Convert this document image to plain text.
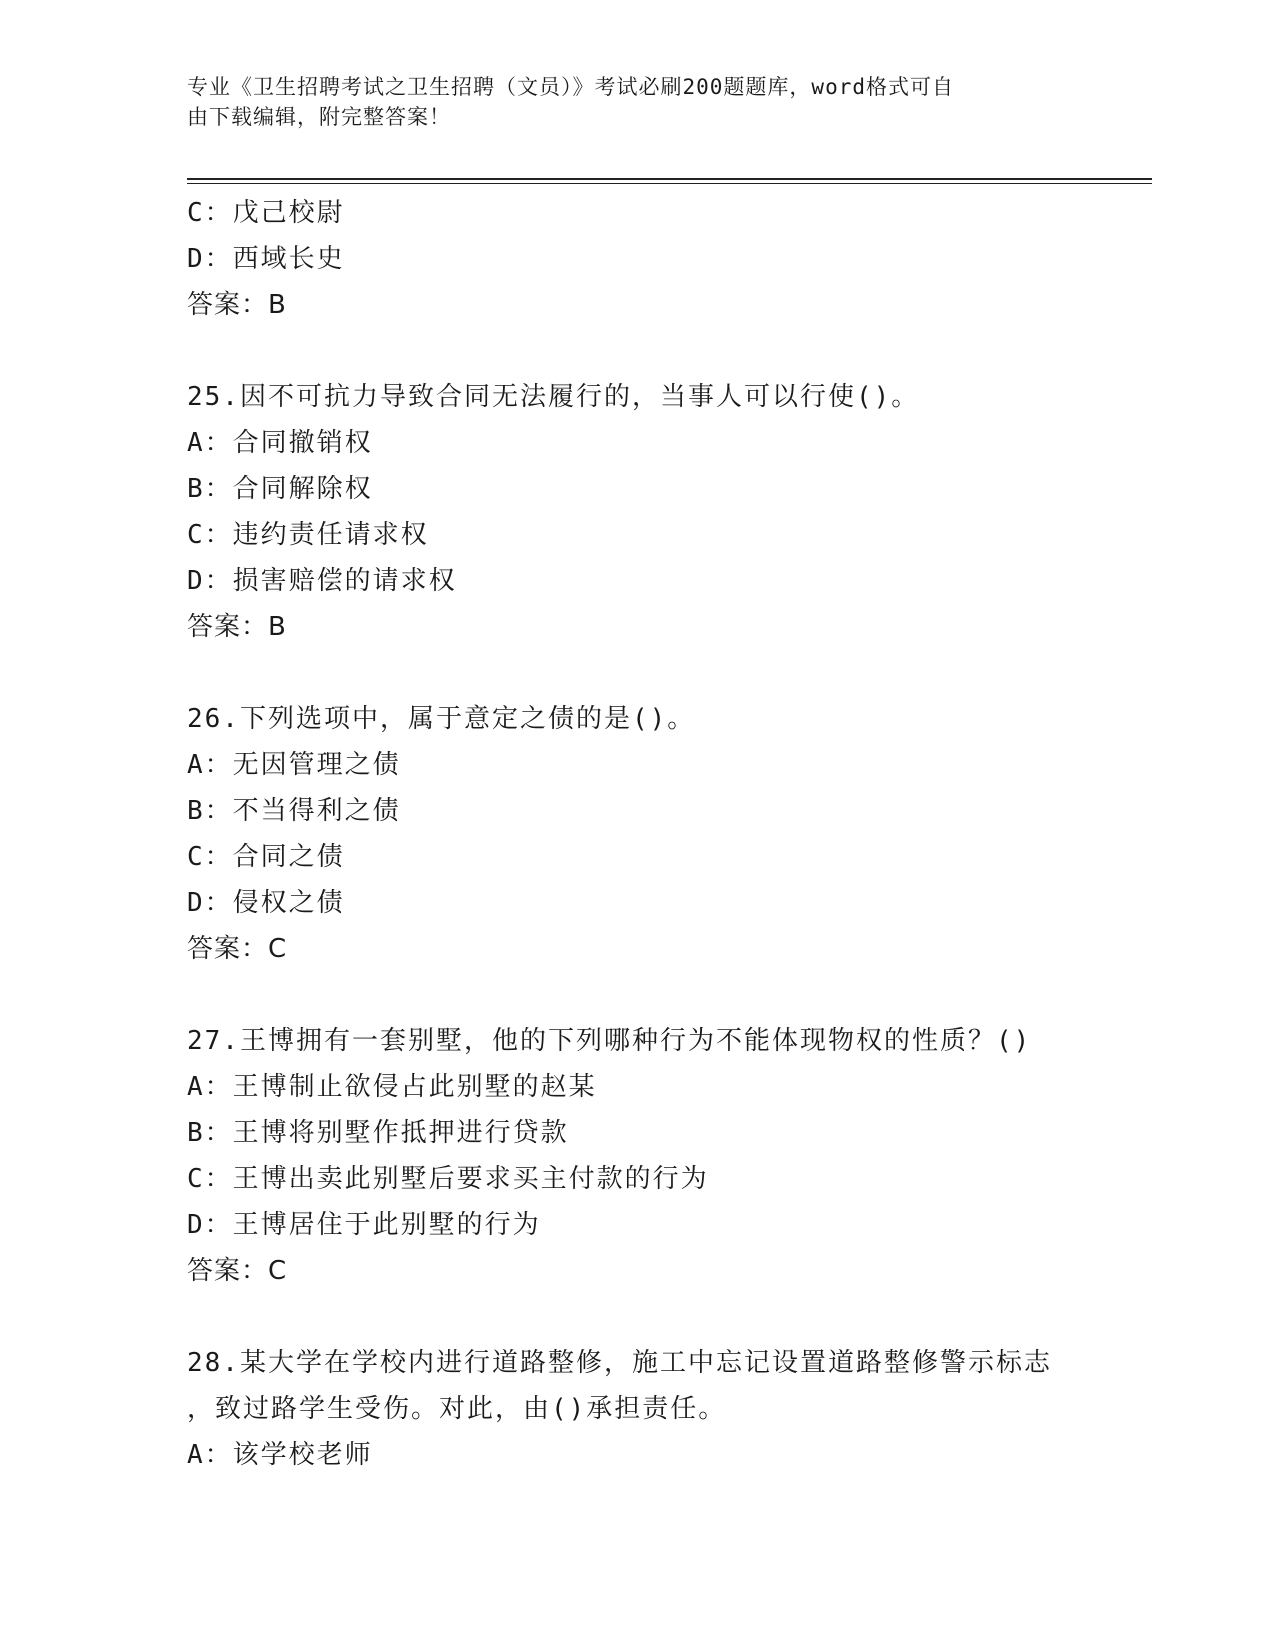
专业《卫生招聘考试之卫生招聘（文员）》考试必刷200题题库，word格式可自
由下载编辑，附完整答案！
C：戊己校尉
D：西域长史
答案：B
25.因不可抗力导致合同无法履行的，当事人可以行使()。
A：合同撤销权
B：合同解除权
C：违约责任请求权
D：损害赔偿的请求权
答案：B
26.下列选项中，属于意定之债的是()。
A：无因管理之债
B：不当得利之债
C：合同之债
D：侵权之债
答案：C
27.王博拥有一套别墅，他的下列哪种行为不能体现物权的性质？()
A：王博制止欲侵占此别墅的赵某
B：王博将别墅作抵押进行贷款
C：王博出卖此别墅后要求买主付款的行为
D：王博居住于此别墅的行为
答案：C
28.某大学在学校内进行道路整修，施工中忘记设置道路整修警示标志
，致过路学生受伤。对此，由()承担责任。
A：该学校老师
